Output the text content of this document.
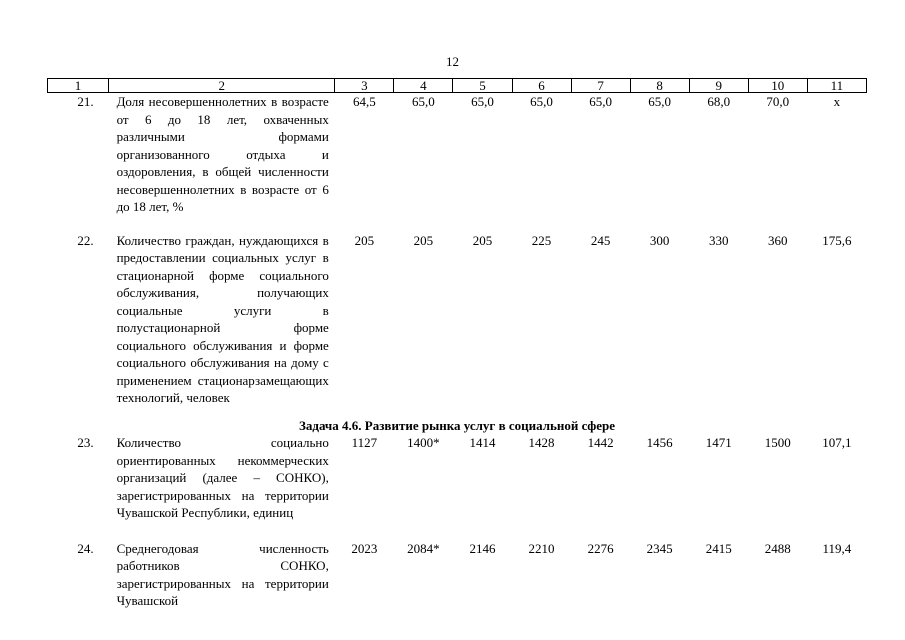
12
1	2	3	4	5	6	7	8	9	10	11
21.	Доля несовершеннолетних в возрасте от 6 до 18 лет, охваченных различными формами организованного отдыха и оздоровления, в общей численности несовершеннолетних в возрасте от 6 до 18 лет, %	64,5	65,0	65,0	65,0	65,0	65,0	68,0	70,0	х

22.	Количество граждан, нуждающихся в предоставлении социальных услуг в стационарной форме социального обслуживания, получающих социальные услуги в полустационарной форме социального обслуживания и форме социального обслуживания на дому с применением стационарзамещающих технологий, человек	205	205	205	225	245	300	330	360	175,6

Задача 4.6. Развитие рынка услуг в социальной сфере										
23.	Количество социально ориентированных некоммерческих организаций (далее – СОНКО), зарегистрированных на территории Чувашской Республики, единиц	1127	1400*	1414	1428	1442	1456	1471	1500	107,1

24.	Среднегодовая численность работников СОНКО, зарегистрированных на территории Чувашской	2023	2084*	2146	2210	2276	2345	2415	2488	119,4
